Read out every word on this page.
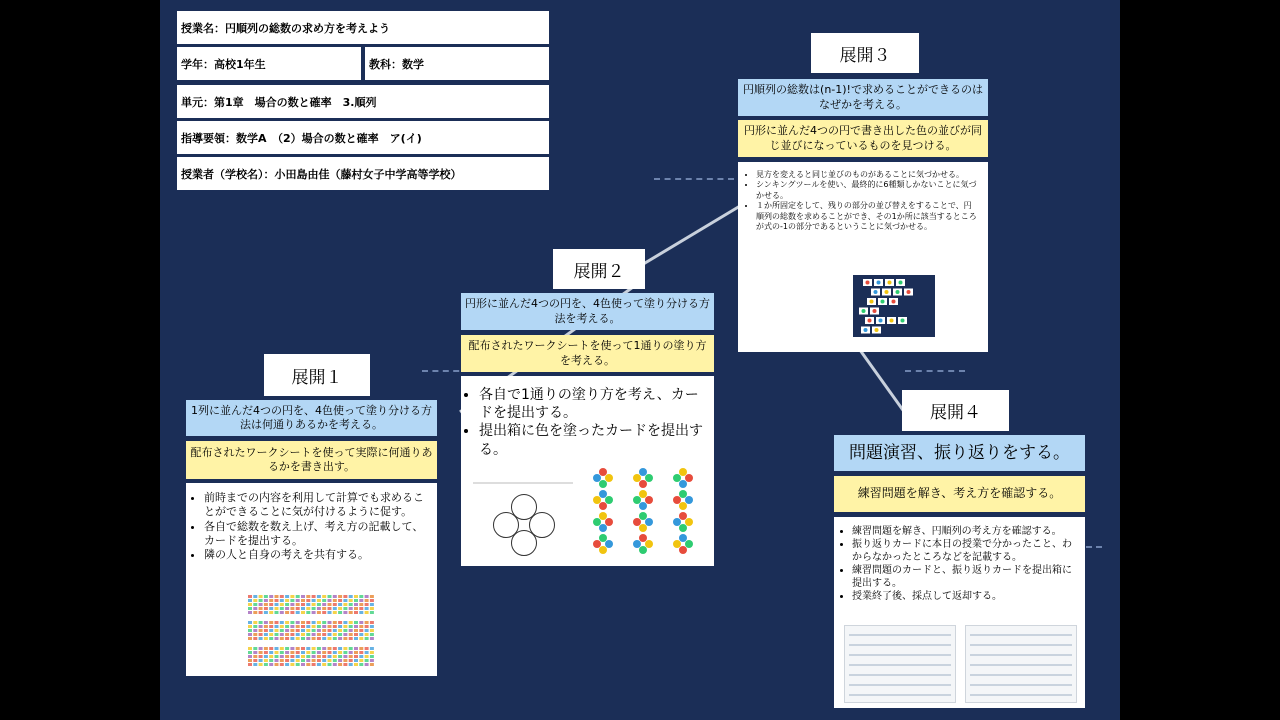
授業名：円順列の総数の求め方を考えよう
学年：高校1年生	教科：数学
単元：第1章　場合の数と確率　3.順列
指導要領：数学A　（2）場合の数と確率　ア(イ)
授業者（学校名）：小田島由佳（藤村女子中学高等学校）
展開１
1列に並んだ4つの円を、4色使って塗り分ける方法は何通りあるかを考える。
配布されたワークシートを使って実際に何通りあるかを書き出す。
• 前時までの内容を利用して計算でも求めることができることに気が付けるように促す。
• 各自で総数を数え上げ、考え方の記載して、カードを提出する。
• 隣の人と自身の考えを共有する。
展開２
円形に並んだ4つの円を、4色使って塗り分ける方法を考える。
配布されたワークシートを使って1通りの塗り方を考える。
• 各自で1通りの塗り方を考え、カードを提出する。
• 提出箱に色を塗ったカードを提出する。
展開３
円順列の総数は(n-1)!で求めることができるのはなぜかを考える。
円形に並んだ4つの円で書き出した色の並びが同じ並びになっているものを見つける。
• 見方を変えると同じ並びのものがあることに気づかせる。
• シンキングツールを使い、最終的に6種類しかないことに気づかせる。
• １か所固定をして、残りの部分の並び替えをすることで、円順列の総数を求めることができ、その1か所に該当するところが式の-1の部分であるということに気づかせる。
展開４
問題演習、振り返りをする。
練習問題を解き、考え方を確認する。
• 練習問題を解き、円順列の考え方を確認する。
• 振り返りカードに本日の授業で分かったこと、わからなかったところなどを記載する。
• 練習問題のカードと、振り返りカードを提出箱に提出する。
• 授業終了後、採点して返却する。
